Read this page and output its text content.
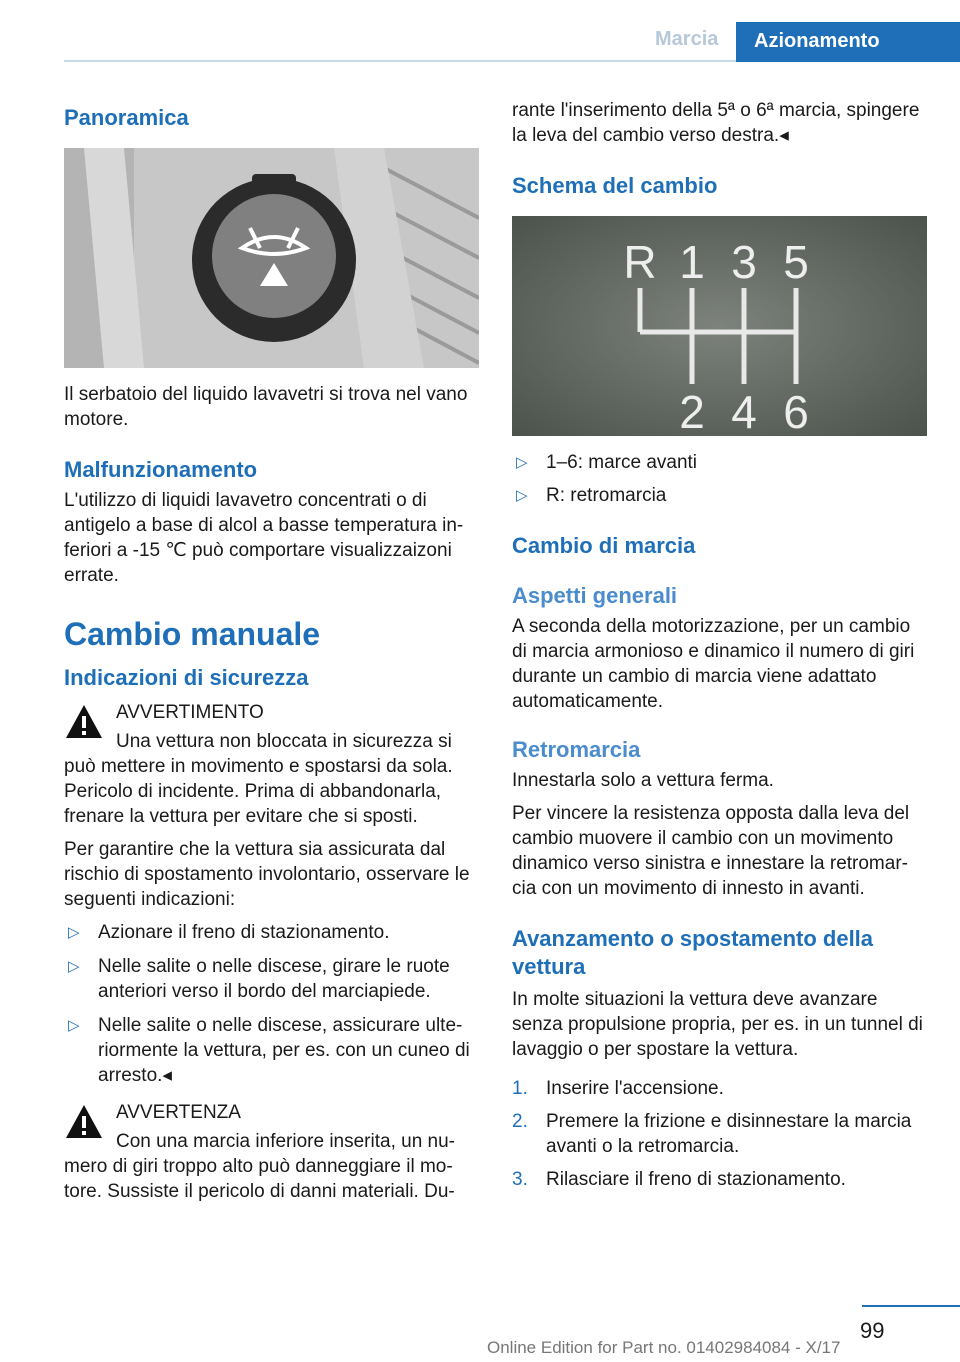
Marcia	Azionamento
Panoramica

Il serbatoio del liquido lavavetri si trova nel vano motore.

Malfunzionamento

L'utilizzo di liquidi lavavetro concentrati o di antigelo a base di alcol a basse temperatura in-feriori a -15 ℃ può comportare visualizzaizoni errate.

Cambio manuale
Indicazioni di sicurezza

AVVERTIMENTO

Una vettura non bloccata in sicurezza si può mettere in movimento e spostarsi da sola. Pericolo di incidente. Prima di abbandonarla, frenare la vettura per evitare che si sposti.

Per garantire che la vettura sia assicurata dal rischio di spostamento involontario, osservare le seguenti indicazioni:

▷ Azionare il freno di stazionamento.
▷ Nelle salite o nelle discese, girare le ruote anteriori verso il bordo del marciapiede.
▷ Nelle salite o nelle discese, assicurare ulte-riormente la vettura, per es. con un cuneo di arresto.◂

AVVERTENZA

Con una marcia inferiore inserita, un nu-mero di giri troppo alto può danneggiare il mo-tore. Sussiste il pericolo di danni materiali. Du-

rante l'inserimento della 5ª o 6ª marcia, spingere la leva del cambio verso destra.◂

Schema del cambio
R 1 3 5
2 4 6
▷ 1–6: marce avanti
▷ R: retromarcia
Cambio di marcia
Aspetti generali

A seconda della motorizzazione, per un cambio di marcia armonioso e dinamico il numero di giri durante un cambio di marcia viene adattato automaticamente.

Retromarcia

Innestarla solo a vettura ferma.

Per vincere la resistenza opposta dalla leva del cambio muovere il cambio con un movimento dinamico verso sinistra e innestare la retromar-cia con un movimento di innesto in avanti.

Avanzamento o spostamento della vettura

In molte situazioni la vettura deve avanzare senza propulsione propria, per es. in un tunnel di lavaggio o per spostare la vettura.

1. Inserire l'accensione.
2. Premere la frizione e disinnestare la marcia avanti o la retromarcia.
3. Rilasciare il freno di stazionamento.
99
Online Edition for Part no. 01402984084 - X/17
